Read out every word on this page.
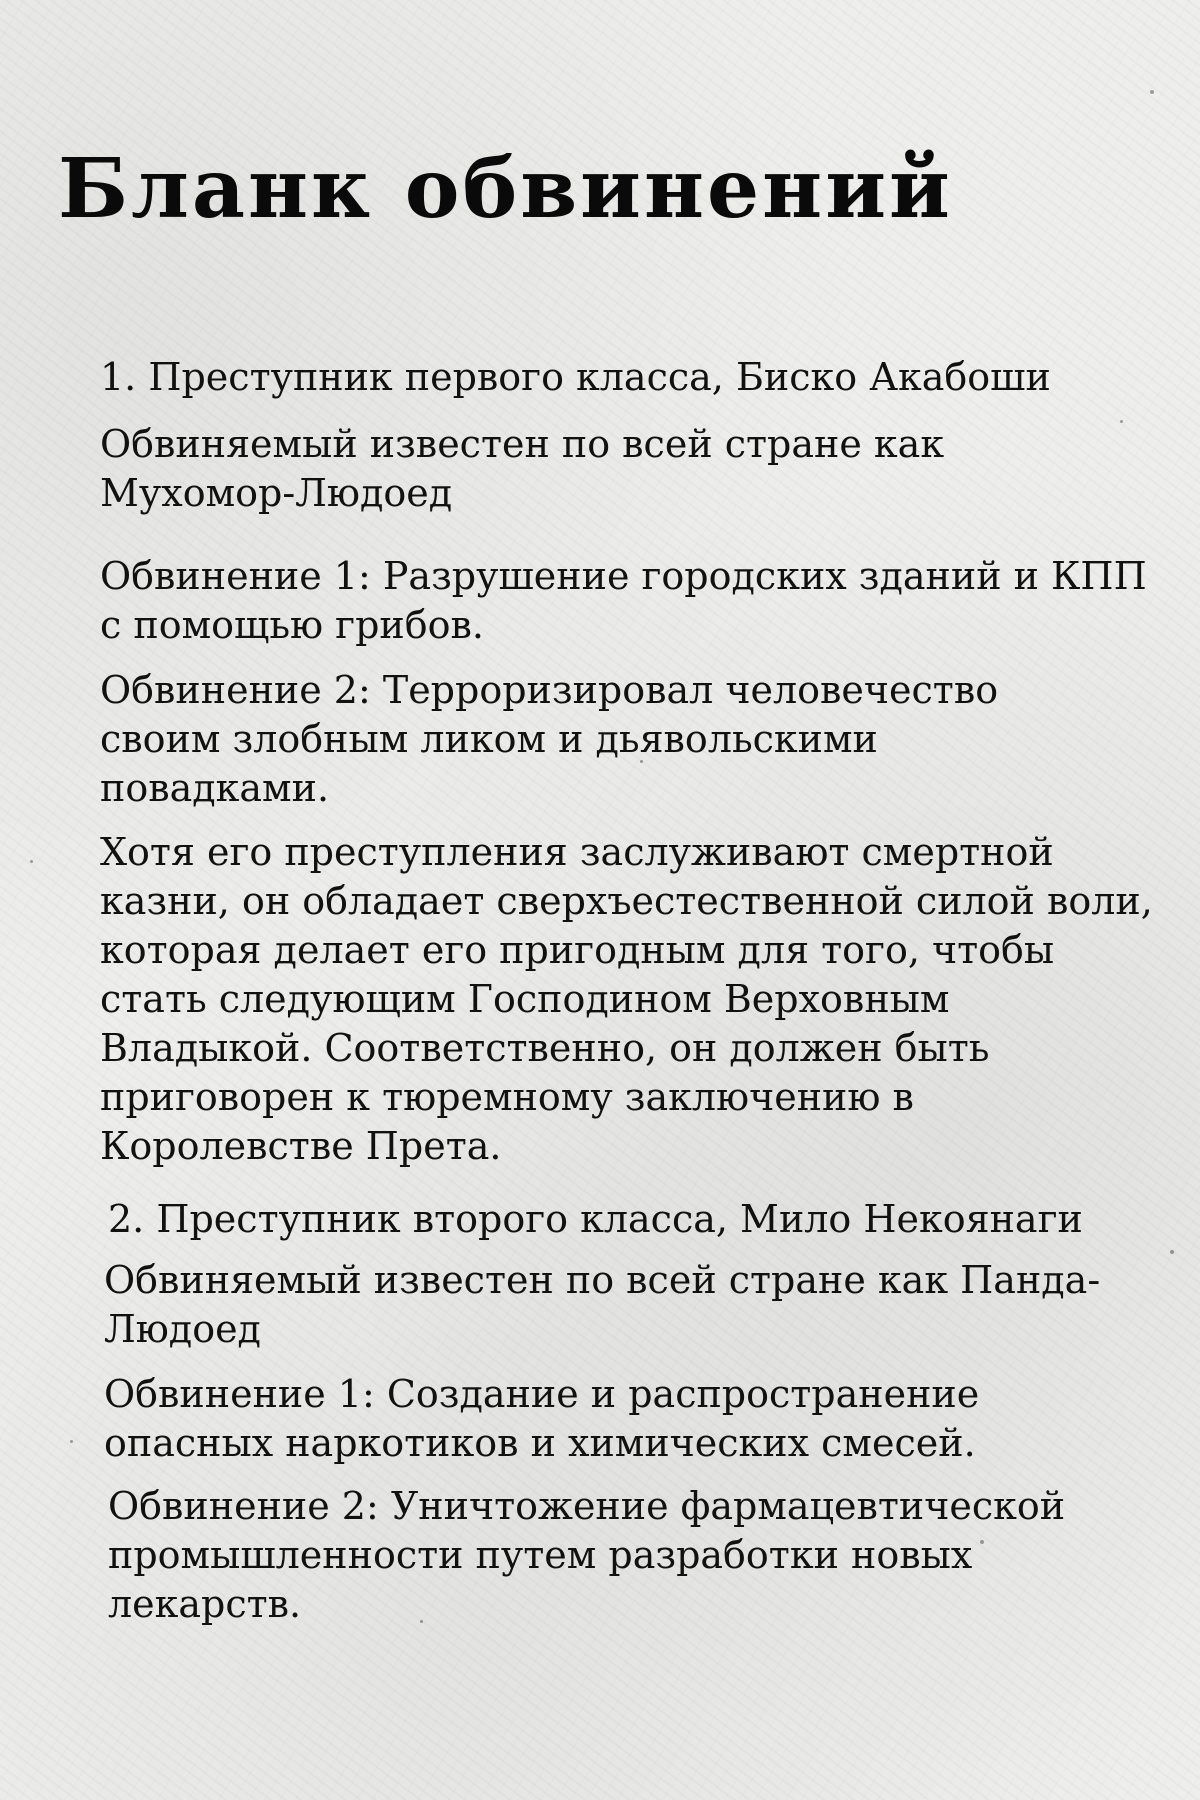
Бланк обвинений

1. Преступник первого класса, Биско Акабоши

Обвиняемый известен по всей стране как Мухомор-Людоед

Обвинение 1: Разрушение городских зданий и КПП с помощью грибов.

Обвинение 2: Терроризировал человечество своим злобным ликом и дьявольскими повадками.

Хотя его преступления заслуживают смертной казни, он обладает сверхъестественной силой воли, которая делает его пригодным для того, чтобы стать следующим Господином Верховным Владыкой. Соответственно, он должен быть приговорен к тюремному заключению в Королевстве Прета.

2. Преступник второго класса, Мило Некоянаги

Обвиняемый известен по всей стране как Панда-Людоед

Обвинение 1: Создание и распространение опасных наркотиков и химических смесей.

Обвинение 2: Уничтожение фармацевтической промышленности путем разработки новых лекарств.
